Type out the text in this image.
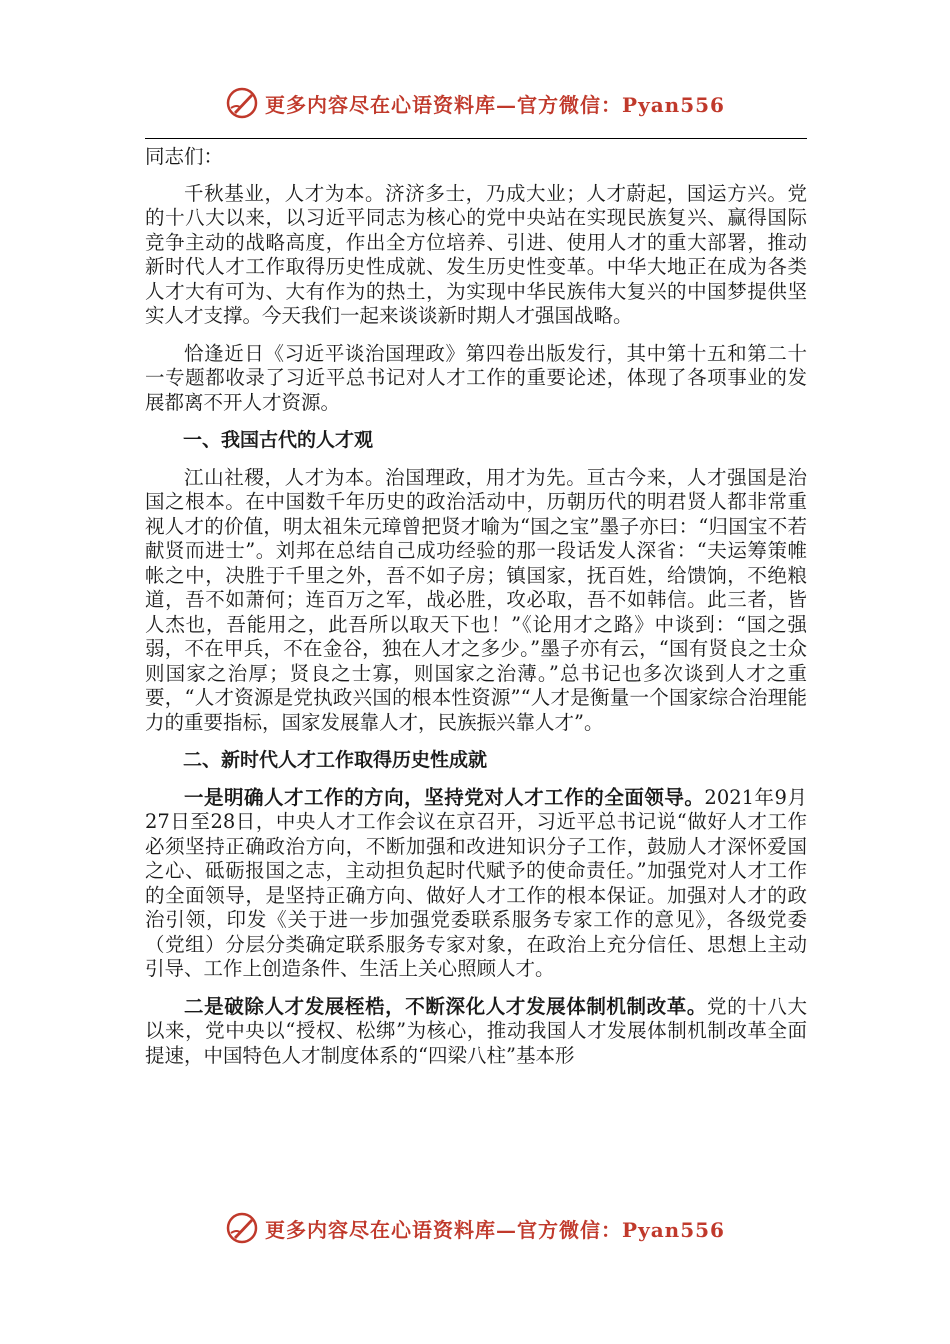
更多内容尽在心语资料库—官方微信：Pyan556

同志们：

千秋基业，人才为本。济济多士，乃成大业；人才蔚起，国运方兴。党的十八大以来，以习近平同志为核心的党中央站在实现民族复兴、赢得国际竞争主动的战略高度，作出全方位培养、引进、使用人才的重大部署，推动新时代人才工作取得历史性成就、发生历史性变革。中华大地正在成为各类人才大有可为、大有作为的热土，为实现中华民族伟大复兴的中国梦提供坚实人才支撑。今天我们一起来谈谈新时期人才强国战略。

恰逢近日《习近平谈治国理政》第四卷出版发行，其中第十五和第二十一专题都收录了习近平总书记对人才工作的重要论述，体现了各项事业的发展都离不开人才资源。

一、我国古代的人才观

江山社稷，人才为本。治国理政，用才为先。亘古今来，人才强国是治国之根本。在中国数千年历史的政治活动中，历朝历代的明君贤人都非常重视人才的价值，明太祖朱元璋曾把贤才喻为“国之宝”墨子亦曰：“归国宝不若献贤而进士”。刘邦在总结自己成功经验的那一段话发人深省：“夫运筹策帷帐之中，决胜于千里之外，吾不如子房；镇国家，抚百姓，给馈饷，不绝粮道，吾不如萧何；连百万之军，战必胜，攻必取，吾不如韩信。此三者，皆人杰也，吾能用之，此吾所以取天下也！”《论用才之路》中谈到：“国之强弱，不在甲兵，不在金谷，独在人才之多少。”墨子亦有云，“国有贤良之士众则国家之治厚；贤良之士寡，则国家之治薄。”总书记也多次谈到人才之重要，“人才资源是党执政兴国的根本性资源”“人才是衡量一个国家综合治理能力的重要指标，国家发展靠人才，民族振兴靠人才”。

二、新时代人才工作取得历史性成就

一是明确人才工作的方向，坚持党对人才工作的全面领导。2021年9月27日至28日，中央人才工作会议在京召开，习近平总书记说“做好人才工作必须坚持正确政治方向，不断加强和改进知识分子工作，鼓励人才深怀爱国之心、砥砺报国之志，主动担负起时代赋予的使命责任。”加强党对人才工作的全面领导，是坚持正确方向、做好人才工作的根本保证。加强对人才的政治引领，印发《关于进一步加强党委联系服务专家工作的意见》，各级党委（党组）分层分类确定联系服务专家对象，在政治上充分信任、思想上主动引导、工作上创造条件、生活上关心照顾人才。

二是破除人才发展桎梏，不断深化人才发展体制机制改革。党的十八大以来，党中央以“授权、松绑”为核心，推动我国人才发展体制机制改革全面提速，中国特色人才制度体系的“四梁八柱”基本形

更多内容尽在心语资料库—官方微信：Pyan556
